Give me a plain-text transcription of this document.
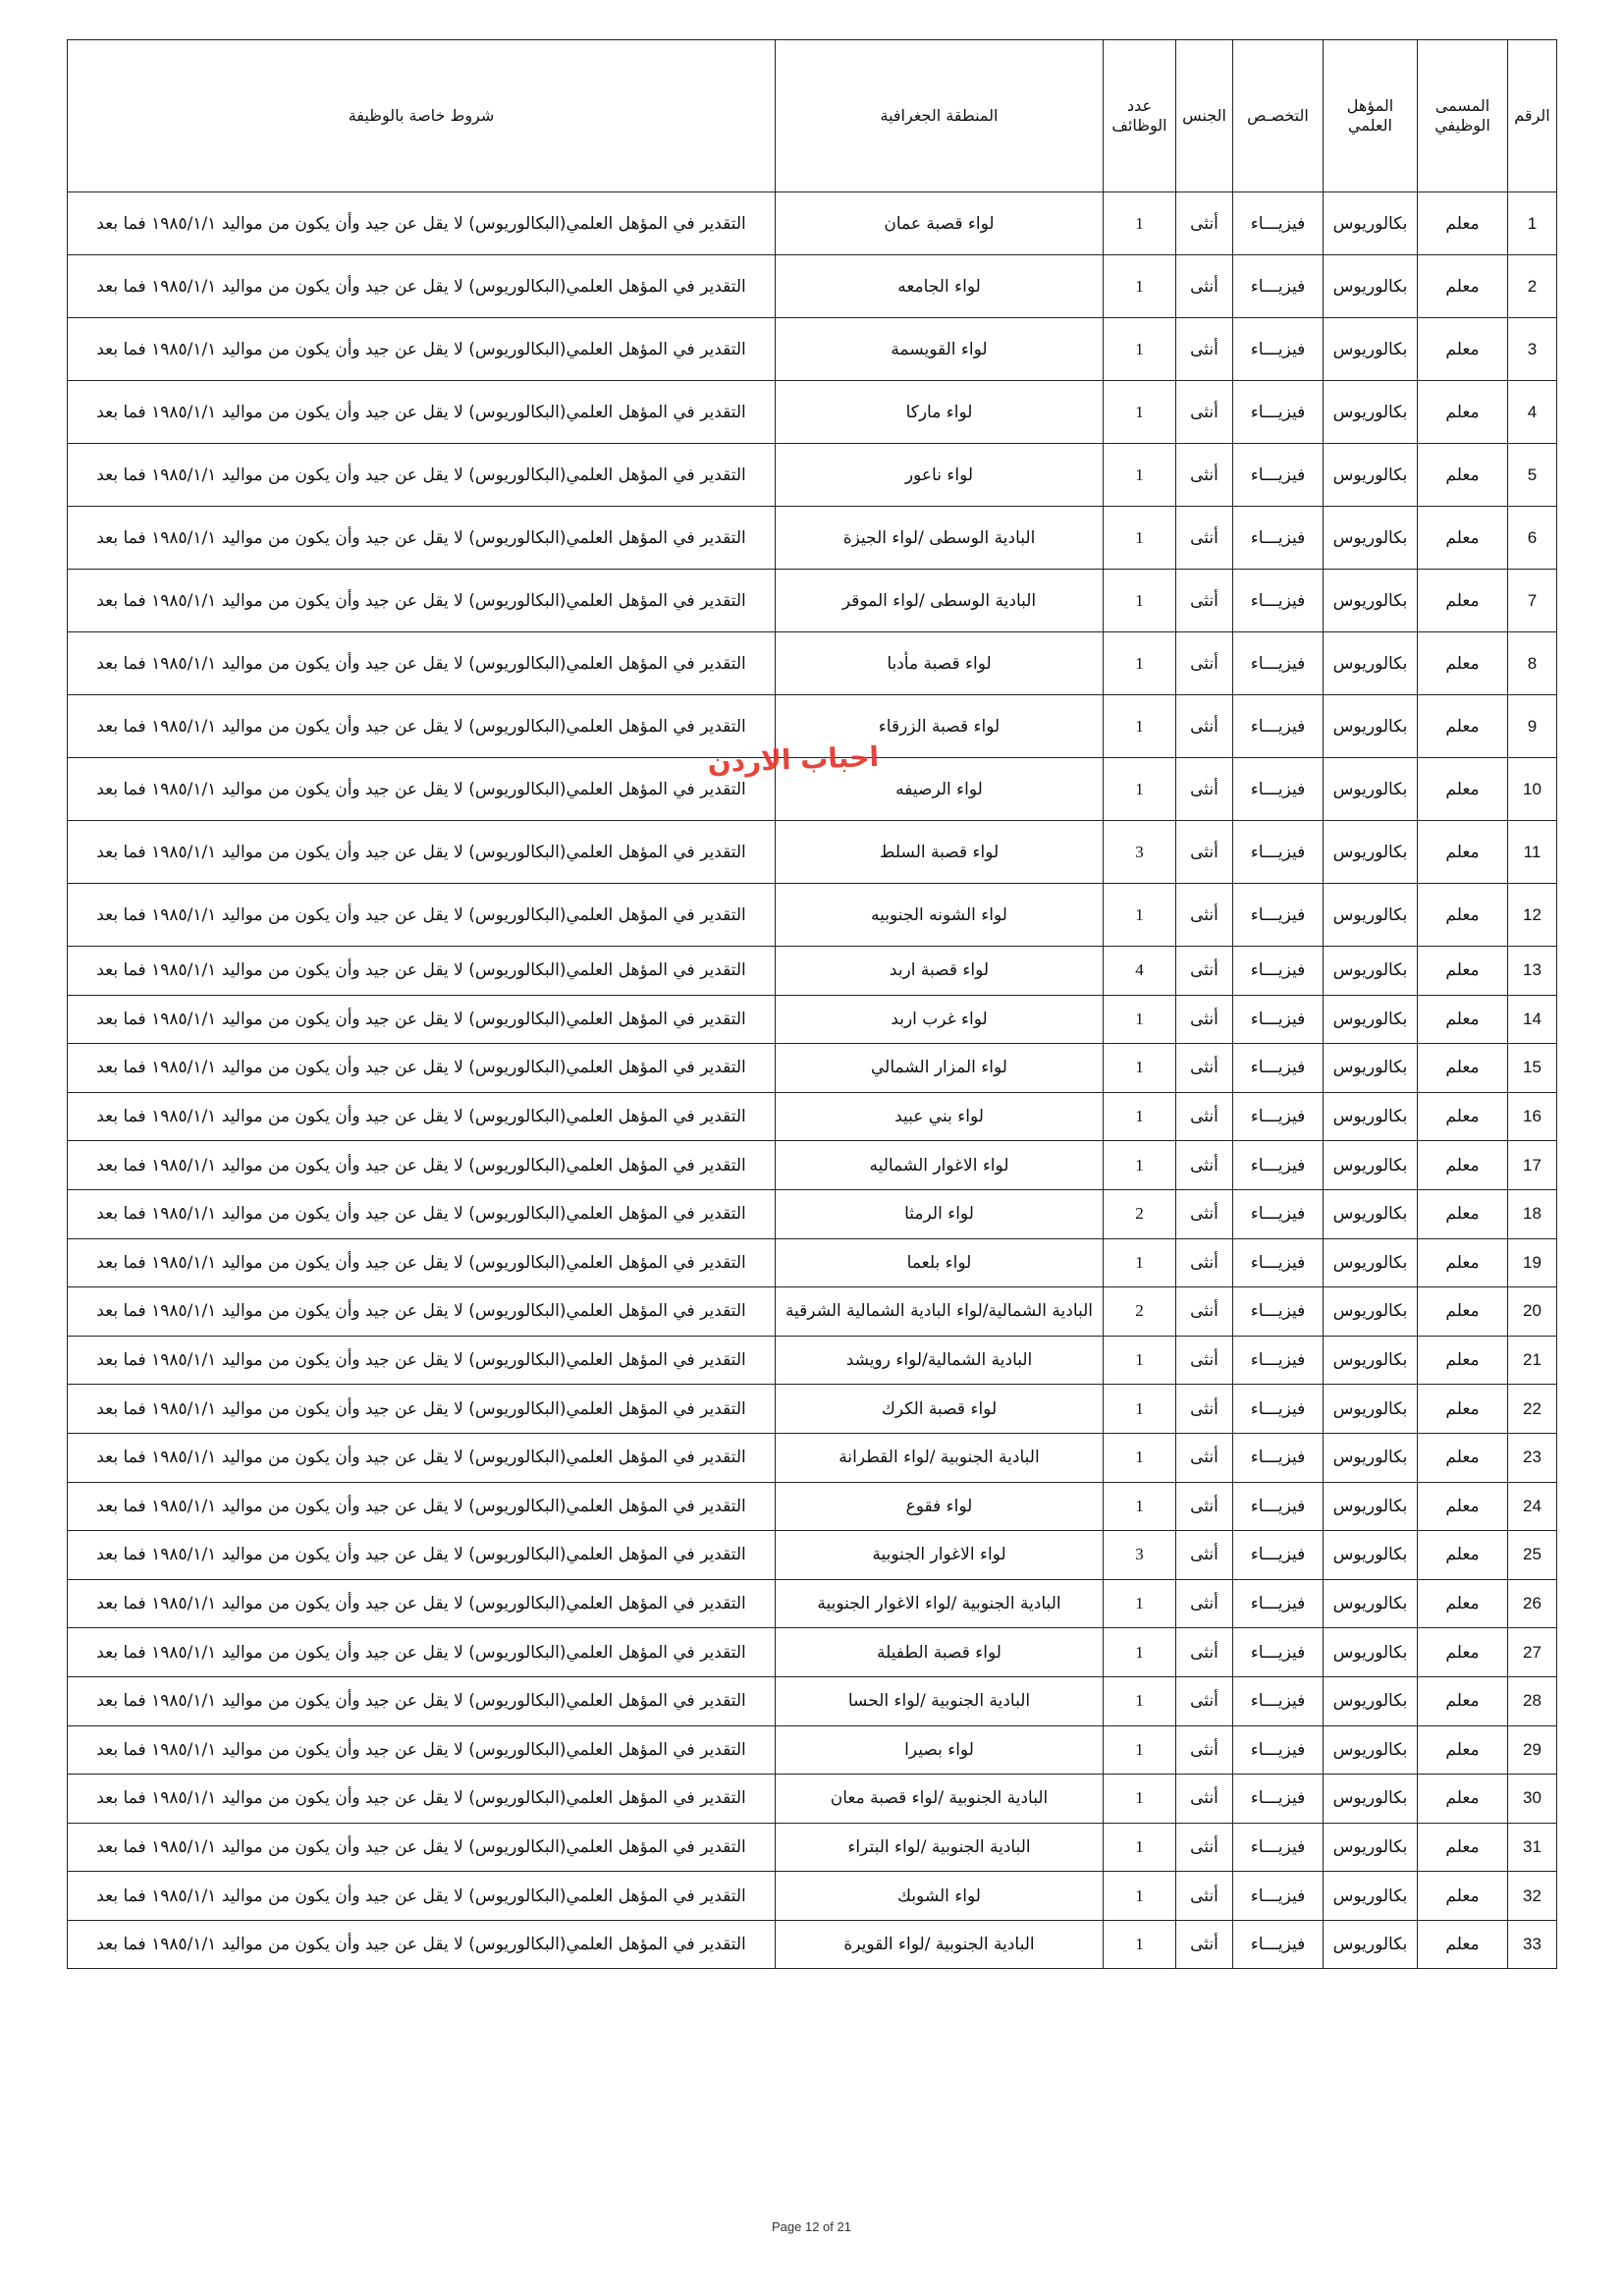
الرقم	المسمى الوظيفي	المؤهل العلمي	التخصـص	الجنس	عدد الوظائف	المنطقة الجغرافية	شروط خاصة بالوظيفة
1	معلم	بكالوريوس	فيزيـــاء	أنثى	1	لواء قصبة عمان	التقدير في المؤهل العلمي(البكالوريوس) لا يقل عن جيد وأن يكون من مواليد ١٩٨٥/١/١ فما بعد
2	معلم	بكالوريوس	فيزيـــاء	أنثى	1	لواء الجامعه	التقدير في المؤهل العلمي(البكالوريوس) لا يقل عن جيد وأن يكون من مواليد ١٩٨٥/١/١ فما بعد
3	معلم	بكالوريوس	فيزيـــاء	أنثى	1	لواء القويسمة	التقدير في المؤهل العلمي(البكالوريوس) لا يقل عن جيد وأن يكون من مواليد ١٩٨٥/١/١ فما بعد
4	معلم	بكالوريوس	فيزيـــاء	أنثى	1	لواء ماركا	التقدير في المؤهل العلمي(البكالوريوس) لا يقل عن جيد وأن يكون من مواليد ١٩٨٥/١/١ فما بعد
5	معلم	بكالوريوس	فيزيـــاء	أنثى	1	لواء ناعور	التقدير في المؤهل العلمي(البكالوريوس) لا يقل عن جيد وأن يكون من مواليد ١٩٨٥/١/١ فما بعد
6	معلم	بكالوريوس	فيزيـــاء	أنثى	1	البادية الوسطى /لواء الجيزة	التقدير في المؤهل العلمي(البكالوريوس) لا يقل عن جيد وأن يكون من مواليد ١٩٨٥/١/١ فما بعد
7	معلم	بكالوريوس	فيزيـــاء	أنثى	1	البادية الوسطى /لواء الموقر	التقدير في المؤهل العلمي(البكالوريوس) لا يقل عن جيد وأن يكون من مواليد ١٩٨٥/١/١ فما بعد
8	معلم	بكالوريوس	فيزيـــاء	أنثى	1	لواء قصبة مأدبا	التقدير في المؤهل العلمي(البكالوريوس) لا يقل عن جيد وأن يكون من مواليد ١٩٨٥/١/١ فما بعد
9	معلم	بكالوريوس	فيزيـــاء	أنثى	1	لواء قصبة الزرقاء	التقدير في المؤهل العلمي(البكالوريوس) لا يقل عن جيد وأن يكون من مواليد ١٩٨٥/١/١ فما بعد
10	معلم	بكالوريوس	فيزيـــاء	أنثى	1	لواء الرصيفه	التقدير في المؤهل العلمي(البكالوريوس) لا يقل عن جيد وأن يكون من مواليد ١٩٨٥/١/١ فما بعد
11	معلم	بكالوريوس	فيزيـــاء	أنثى	3	لواء قصبة السلط	التقدير في المؤهل العلمي(البكالوريوس) لا يقل عن جيد وأن يكون من مواليد ١٩٨٥/١/١ فما بعد
12	معلم	بكالوريوس	فيزيـــاء	أنثى	1	لواء الشونه الجنوبيه	التقدير في المؤهل العلمي(البكالوريوس) لا يقل عن جيد وأن يكون من مواليد ١٩٨٥/١/١ فما بعد
13	معلم	بكالوريوس	فيزيـــاء	أنثى	4	لواء قصبة اربد	التقدير في المؤهل العلمي(البكالوريوس) لا يقل عن جيد وأن يكون من مواليد ١٩٨٥/١/١ فما بعد
14	معلم	بكالوريوس	فيزيـــاء	أنثى	1	لواء غرب اربد	التقدير في المؤهل العلمي(البكالوريوس) لا يقل عن جيد وأن يكون من مواليد ١٩٨٥/١/١ فما بعد
15	معلم	بكالوريوس	فيزيـــاء	أنثى	1	لواء المزار الشمالي	التقدير في المؤهل العلمي(البكالوريوس) لا يقل عن جيد وأن يكون من مواليد ١٩٨٥/١/١ فما بعد
16	معلم	بكالوريوس	فيزيـــاء	أنثى	1	لواء بني عبيد	التقدير في المؤهل العلمي(البكالوريوس) لا يقل عن جيد وأن يكون من مواليد ١٩٨٥/١/١ فما بعد
17	معلم	بكالوريوس	فيزيـــاء	أنثى	1	لواء الاغوار الشماليه	التقدير في المؤهل العلمي(البكالوريوس) لا يقل عن جيد وأن يكون من مواليد ١٩٨٥/١/١ فما بعد
18	معلم	بكالوريوس	فيزيـــاء	أنثى	2	لواء الرمثا	التقدير في المؤهل العلمي(البكالوريوس) لا يقل عن جيد وأن يكون من مواليد ١٩٨٥/١/١ فما بعد
19	معلم	بكالوريوس	فيزيـــاء	أنثى	1	لواء بلعما	التقدير في المؤهل العلمي(البكالوريوس) لا يقل عن جيد وأن يكون من مواليد ١٩٨٥/١/١ فما بعد
20	معلم	بكالوريوس	فيزيـــاء	أنثى	2	البادية الشمالية/لواء البادية الشمالية الشرقية	التقدير في المؤهل العلمي(البكالوريوس) لا يقل عن جيد وأن يكون من مواليد ١٩٨٥/١/١ فما بعد
21	معلم	بكالوريوس	فيزيـــاء	أنثى	1	البادية الشمالية/لواء رويشد	التقدير في المؤهل العلمي(البكالوريوس) لا يقل عن جيد وأن يكون من مواليد ١٩٨٥/١/١ فما بعد
22	معلم	بكالوريوس	فيزيـــاء	أنثى	1	لواء قصبة الكرك	التقدير في المؤهل العلمي(البكالوريوس) لا يقل عن جيد وأن يكون من مواليد ١٩٨٥/١/١ فما بعد
23	معلم	بكالوريوس	فيزيـــاء	أنثى	1	البادية الجنوبية /لواء القطرانة	التقدير في المؤهل العلمي(البكالوريوس) لا يقل عن جيد وأن يكون من مواليد ١٩٨٥/١/١ فما بعد
24	معلم	بكالوريوس	فيزيـــاء	أنثى	1	لواء فقوع	التقدير في المؤهل العلمي(البكالوريوس) لا يقل عن جيد وأن يكون من مواليد ١٩٨٥/١/١ فما بعد
25	معلم	بكالوريوس	فيزيـــاء	أنثى	3	لواء الاغوار الجنوبية	التقدير في المؤهل العلمي(البكالوريوس) لا يقل عن جيد وأن يكون من مواليد ١٩٨٥/١/١ فما بعد
26	معلم	بكالوريوس	فيزيـــاء	أنثى	1	البادية الجنوبية /لواء الاغوار الجنوبية	التقدير في المؤهل العلمي(البكالوريوس) لا يقل عن جيد وأن يكون من مواليد ١٩٨٥/١/١ فما بعد
27	معلم	بكالوريوس	فيزيـــاء	أنثى	1	لواء قصبة الطفيلة	التقدير في المؤهل العلمي(البكالوريوس) لا يقل عن جيد وأن يكون من مواليد ١٩٨٥/١/١ فما بعد
28	معلم	بكالوريوس	فيزيـــاء	أنثى	1	البادية الجنوبية /لواء الحسا	التقدير في المؤهل العلمي(البكالوريوس) لا يقل عن جيد وأن يكون من مواليد ١٩٨٥/١/١ فما بعد
29	معلم	بكالوريوس	فيزيـــاء	أنثى	1	لواء بصيرا	التقدير في المؤهل العلمي(البكالوريوس) لا يقل عن جيد وأن يكون من مواليد ١٩٨٥/١/١ فما بعد
30	معلم	بكالوريوس	فيزيـــاء	أنثى	1	البادية الجنوبية /لواء قصبة معان	التقدير في المؤهل العلمي(البكالوريوس) لا يقل عن جيد وأن يكون من مواليد ١٩٨٥/١/١ فما بعد
31	معلم	بكالوريوس	فيزيـــاء	أنثى	1	البادية الجنوبية /لواء البتراء	التقدير في المؤهل العلمي(البكالوريوس) لا يقل عن جيد وأن يكون من مواليد ١٩٨٥/١/١ فما بعد
32	معلم	بكالوريوس	فيزيـــاء	أنثى	1	لواء الشوبك	التقدير في المؤهل العلمي(البكالوريوس) لا يقل عن جيد وأن يكون من مواليد ١٩٨٥/١/١ فما بعد
33	معلم	بكالوريوس	فيزيـــاء	أنثى	1	البادية الجنوبية /لواء القويرة	التقدير في المؤهل العلمي(البكالوريوس) لا يقل عن جيد وأن يكون من مواليد ١٩٨٥/١/١ فما بعد
احباب الاردن
Page 12 of 21
